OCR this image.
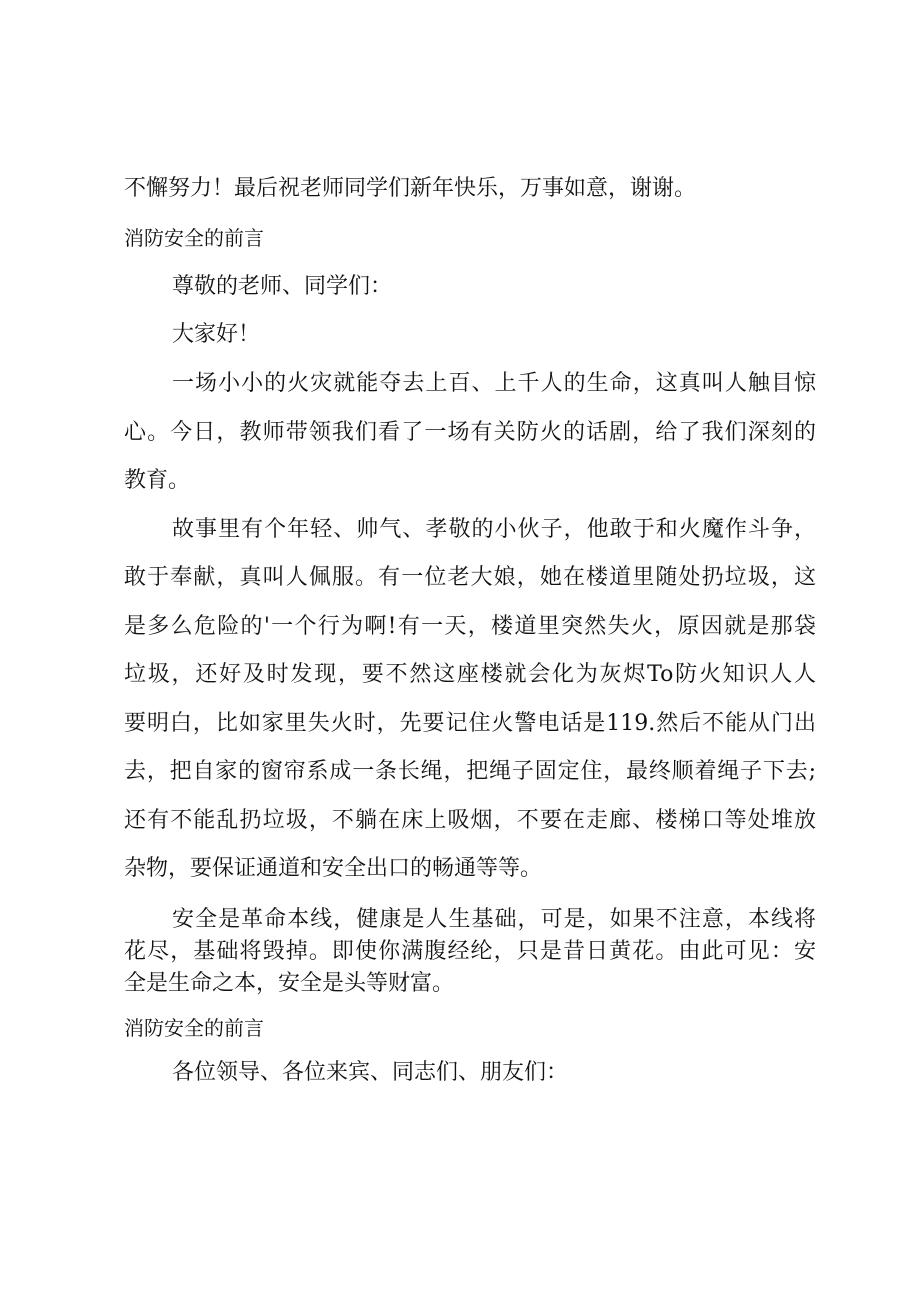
不懈努力！最后祝老师同学们新年快乐，万事如意，谢谢。

消防安全的前言

尊敬的老师、同学们：

大家好！

一场小小的火灾就能夺去上百、上千人的生命，这真叫人触目惊

心。今日，教师带领我们看了一场有关防火的话剧，给了我们深刻的

教育。

故事里有个年轻、帅气、孝敬的小伙子，他敢于和火魔作斗争，

敢于奉献，真叫人佩服。有一位老大娘，她在楼道里随处扔垃圾，这

是多么危险的'一个行为啊!有一天，楼道里突然失火，原因就是那袋

垃圾，还好及时发现，要不然这座楼就会化为灰烬To防火知识人人

要明白，比如家里失火时，先要记住火警电话是119.然后不能从门出

去，把自家的窗帘系成一条长绳，把绳子固定住，最终顺着绳子下去;

还有不能乱扔垃圾，不躺在床上吸烟，不要在走廊、楼梯口等处堆放

杂物，要保证通道和安全出口的畅通等等。

安全是革命本线，健康是人生基础，可是，如果不注意，本线将

花尽，基础将毁掉。即使你满腹经纶，只是昔日黄花。由此可见：安

全是生命之本，安全是头等财富。

消防安全的前言

各位领导、各位来宾、同志们、朋友们：
